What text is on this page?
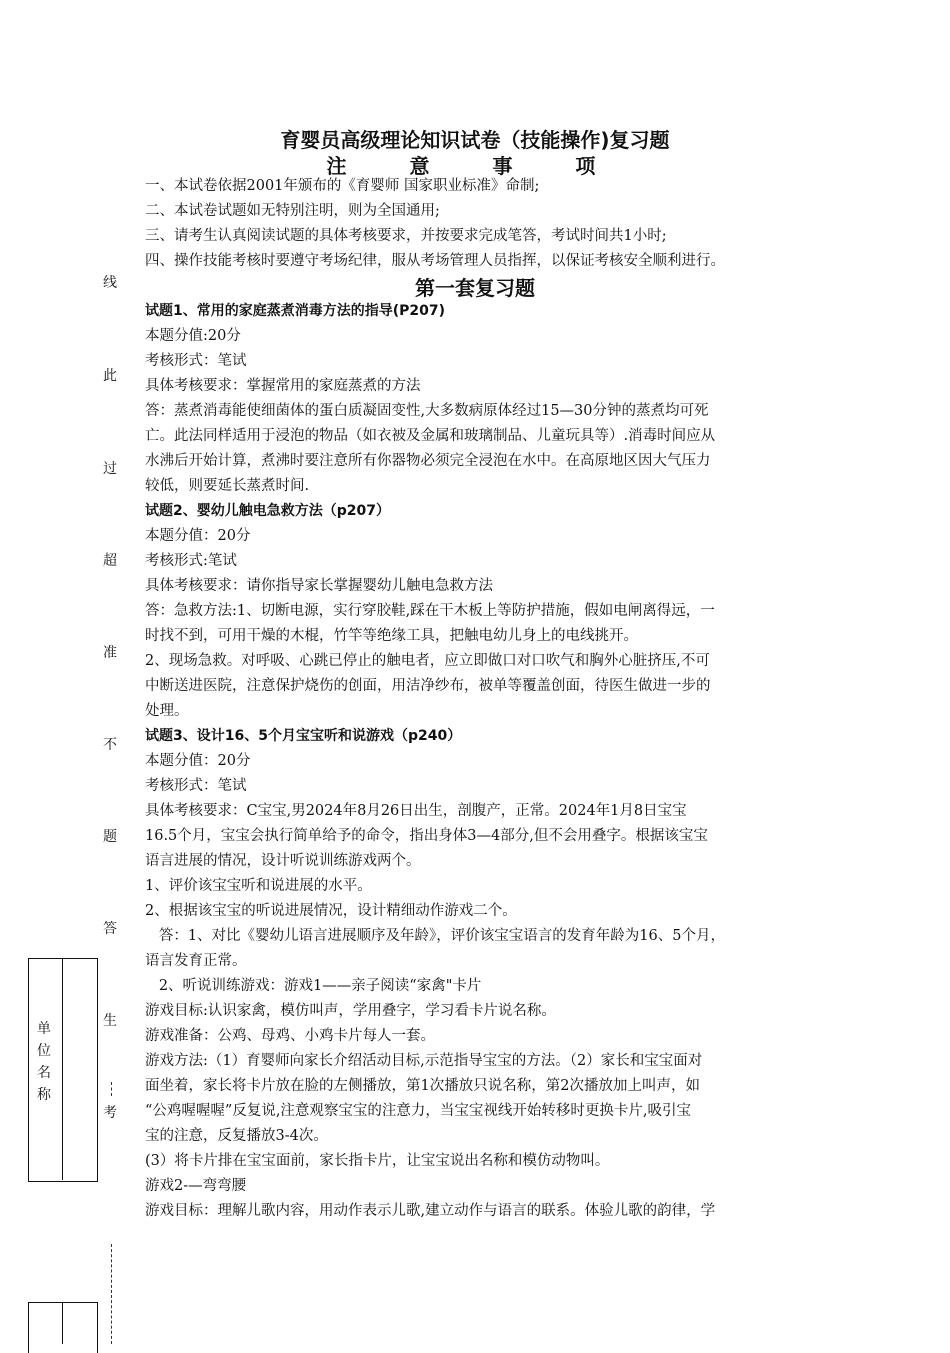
育婴员高级理论知识试卷（技能操作)复习题
注 意 事 项
一、本试卷依据2001年颁布的《育婴师 国家职业标准》命制;
二、本试卷试题如无特别注明，则为全国通用;
三、请考生认真阅读试题的具体考核要求，并按要求完成笔答，考试时间共1小时;
四、操作技能考核时要遵守考场纪律，服从考场管理人员指挥，以保证考核安全顺利进行。
第一套复习题
试题1、常用的家庭蒸煮消毒方法的指导(P207)
本题分值:20分
考核形式：笔试
具体考核要求：掌握常用的家庭蒸煮的方法
答：蒸煮消毒能使细菌体的蛋白质凝固变性,大多数病原体经过15—30分钟的蒸煮均可死
亡。此法同样适用于浸泡的物品（如衣被及金属和玻璃制品、儿童玩具等）.消毒时间应从
水沸后开始计算，煮沸时要注意所有你器物必须完全浸泡在水中。在高原地区因大气压力
较低，则要延长蒸煮时间.
试题2、婴幼儿触电急救方法（p207）
本题分值：20分
考核形式:笔试
具体考核要求：请你指导家长掌握婴幼儿触电急救方法
答：急救方法:1、切断电源，实行穿胶鞋,踩在干木板上等防护措施，假如电闸离得远，一
时找不到，可用干燥的木棍，竹竿等绝缘工具，把触电幼儿身上的电线挑开。
2、现场急救。对呼吸、心跳已停止的触电者，应立即做口对口吹气和胸外心脏挤压,不可
中断送进医院，注意保护烧伤的创面，用洁净纱布，被单等覆盖创面，待医生做进一步的
处理。
试题3、设计16、5个月宝宝听和说游戏（p240）
本题分值：20分
考核形式：笔试
具体考核要求：C宝宝,男2024年8月26日出生，剖腹产，正常。2024年1月8日宝宝
16.5个月，宝宝会执行简单给予的命令，指出身体3—4部分,但不会用叠字。根据该宝宝
语言进展的情况，设计听说训练游戏两个。
1、评价该宝宝听和说进展的水平。
2、根据该宝宝的听说进展情况，设计精细动作游戏二个。
答：1、对比《婴幼儿语言进展顺序及年龄》，评价该宝宝语言的发育年龄为16、5个月，
语言发育正常。
2、听说训练游戏：游戏1——亲子阅读“家禽"卡片
游戏目标:认识家禽，模仿叫声，学用叠字，学习看卡片说名称。
游戏准备：公鸡、母鸡、小鸡卡片每人一套。
游戏方法:（1）育婴师向家长介绍活动目标,示范指导宝宝的方法。（2）家长和宝宝面对
面坐着，家长将卡片放在脸的左侧播放，第1次播放只说名称，第2次播放加上叫声，如
“公鸡喔喔喔”反复说,注意观察宝宝的注意力，当宝宝视线开始转移时更换卡片,吸引宝
宝的注意，反复播放3-4次。
(3）将卡片排在宝宝面前，家长指卡片，让宝宝说出名称和模仿动物叫。
游戏2-—弯弯腰
游戏目标：理解儿歌内容，用动作表示儿歌,建立动作与语言的联系。体验儿歌的韵律，学
线
此
过
超
准
不
题
答
生
考
单 位 名 称
